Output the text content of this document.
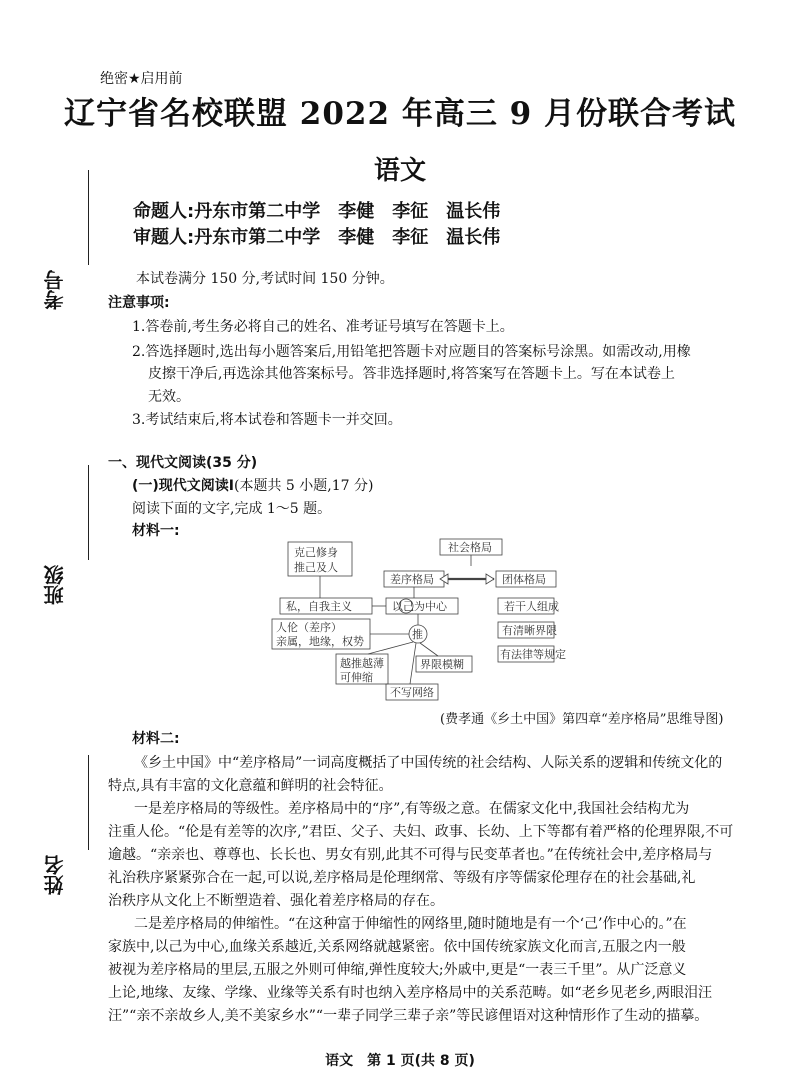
绝密★启用前
辽宁省名校联盟 2022 年高三 9 月份联合考试
语文
命题人:丹东市第二中学　李健　李征　温长伟
审题人:丹东市第二中学　李健　李征　温长伟
考号
班级
姓名
本试卷满分 150 分,考试时间 150 分钟。
注意事项:
1.答卷前,考生务必将自己的姓名、准考证号填写在答题卡上。
2.答选择题时,选出每小题答案后,用铅笔把答题卡对应题目的答案标号涂黑。如需改动,用橡
皮擦干净后,再选涂其他答案标号。答非选择题时,将答案写在答题卡上。写在本试卷上
无效。
3.考试结束后,将本试卷和答题卡一并交回。
一、现代文阅读(35 分)
(一)现代文阅读Ⅰ(本题共 5 小题,17 分)
阅读下面的文字,完成 1～5 题。
材料一:
克己修身
推己及人
社会格局
差序格局	团体格局
私，自我主义	以己为中心	若干人组成
人伦（差序）
亲属，地缘，权势
推	有清晰界限
越推越薄
可伸缩
界限模糊
有法律等规定
不写网络
(费孝通《乡土中国》第四章“差序格局”思维导图)
材料二:
《乡土中国》中“差序格局”一词高度概括了中国传统的社会结构、人际关系的逻辑和传统文化的
特点,具有丰富的文化意蕴和鲜明的社会特征。
一是差序格局的等级性。差序格局中的“序”,有等级之意。在儒家文化中,我国社会结构尤为
注重人伦。“伦是有差等的次序,”君臣、父子、夫妇、政事、长幼、上下等都有着严格的伦理界限,不可
逾越。“亲亲也、尊尊也、长长也、男女有别,此其不可得与民变革者也。”在传统社会中,差序格局与
礼治秩序紧紧弥合在一起,可以说,差序格局是伦理纲常、等级有序等儒家伦理存在的社会基础,礼
治秩序从文化上不断塑造着、强化着差序格局的存在。
二是差序格局的伸缩性。“在这种富于伸缩性的网络里,随时随地是有一个‘己’作中心的。”在
家族中,以己为中心,血缘关系越近,关系网络就越紧密。依中国传统家族文化而言,五服之内一般
被视为差序格局的里层,五服之外则可伸缩,弹性度较大;外戚中,更是“一表三千里”。从广泛意义
上论,地缘、友缘、学缘、业缘等关系有时也纳入差序格局中的关系范畴。如“老乡见老乡,两眼泪汪
汪”“亲不亲故乡人,美不美家乡水”“一辈子同学三辈子亲”等民谚俚语对这种情形作了生动的描摹。
语文　第 1 页(共 8 页)
